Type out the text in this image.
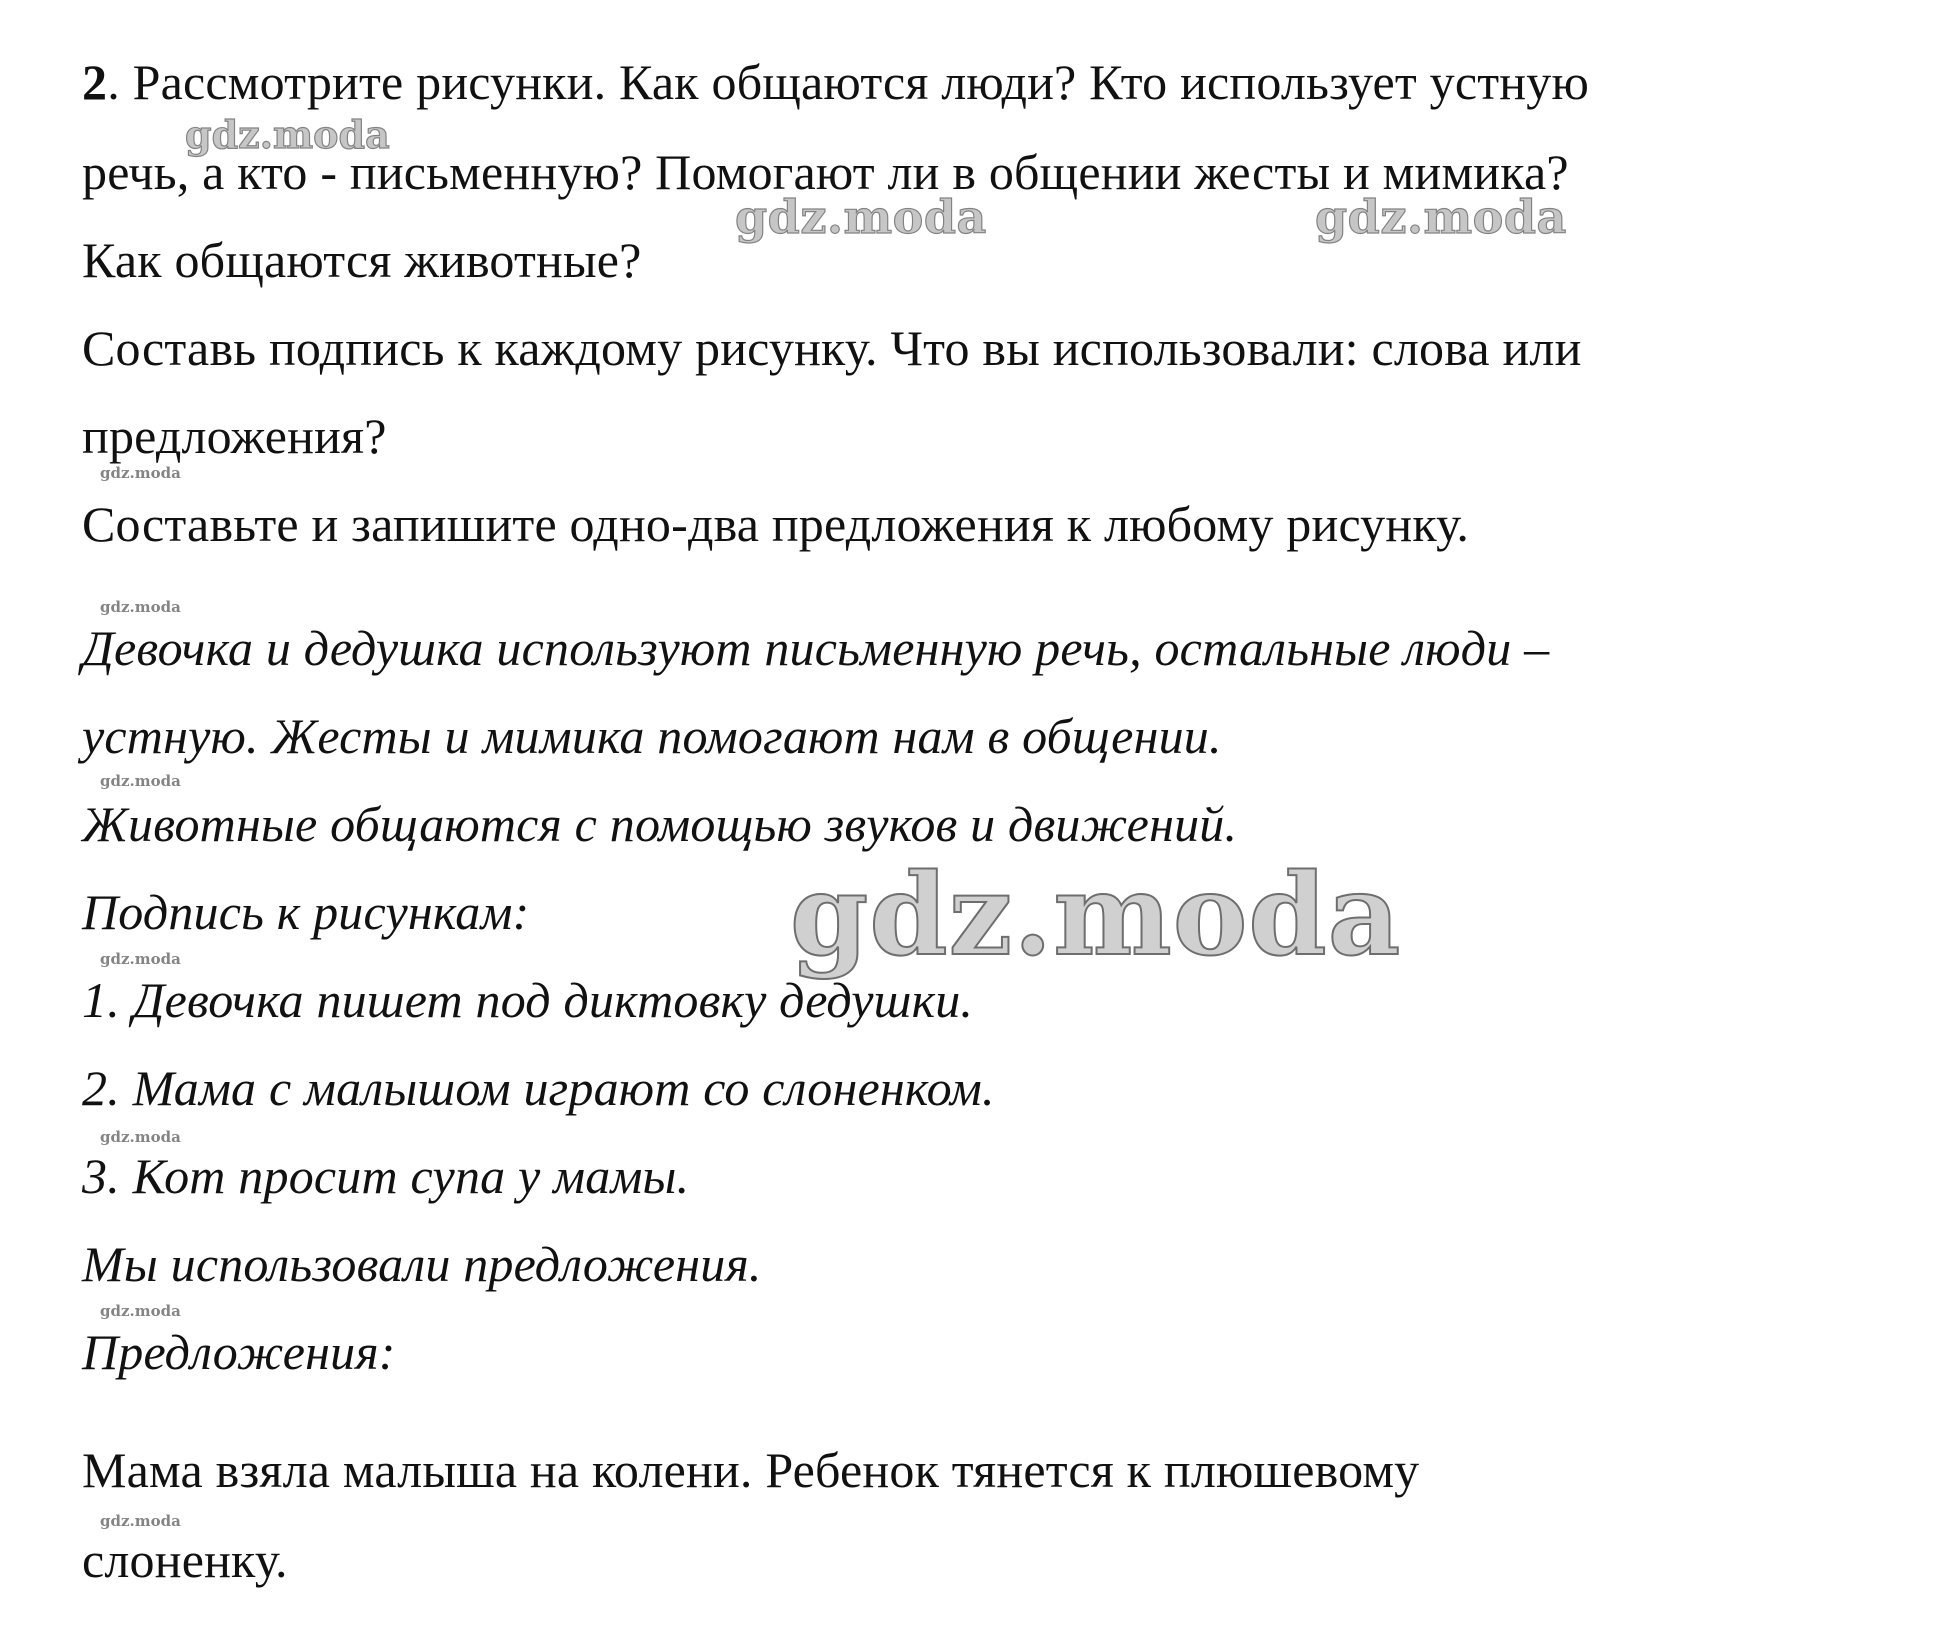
2. Рассмотрите рисунки. Как общаются люди? Кто использует устную
речь, а кто - письменную? Помогают ли в общении жесты и мимика?
Как общаются животные?
Составь подпись к каждому рисунку. Что вы использовали: слова или
предложения?
Составьте и запишите одно-два предложения к любому рисунку.
Девочка и дедушка используют письменную речь, остальные люди –
устную. Жесты и мимика помогают нам в общении.
Животные общаются с помощью звуков и движений.
Подпись к рисункам:
1. Девочка пишет под диктовку дедушки.
2. Мама с малышом играют со слоненком.
3. Кот просит супа у мамы.
Мы использовали предложения.
Предложения:
Мама взяла малыша на колени. Ребенок тянется к плюшевому
слоненку.
gdz.moda
gdz.moda	gdz.moda
gdz.moda
gdz.moda
gdz.moda
gdz.moda
gdz.moda
gdz.moda
gdz.moda
gdz.moda
